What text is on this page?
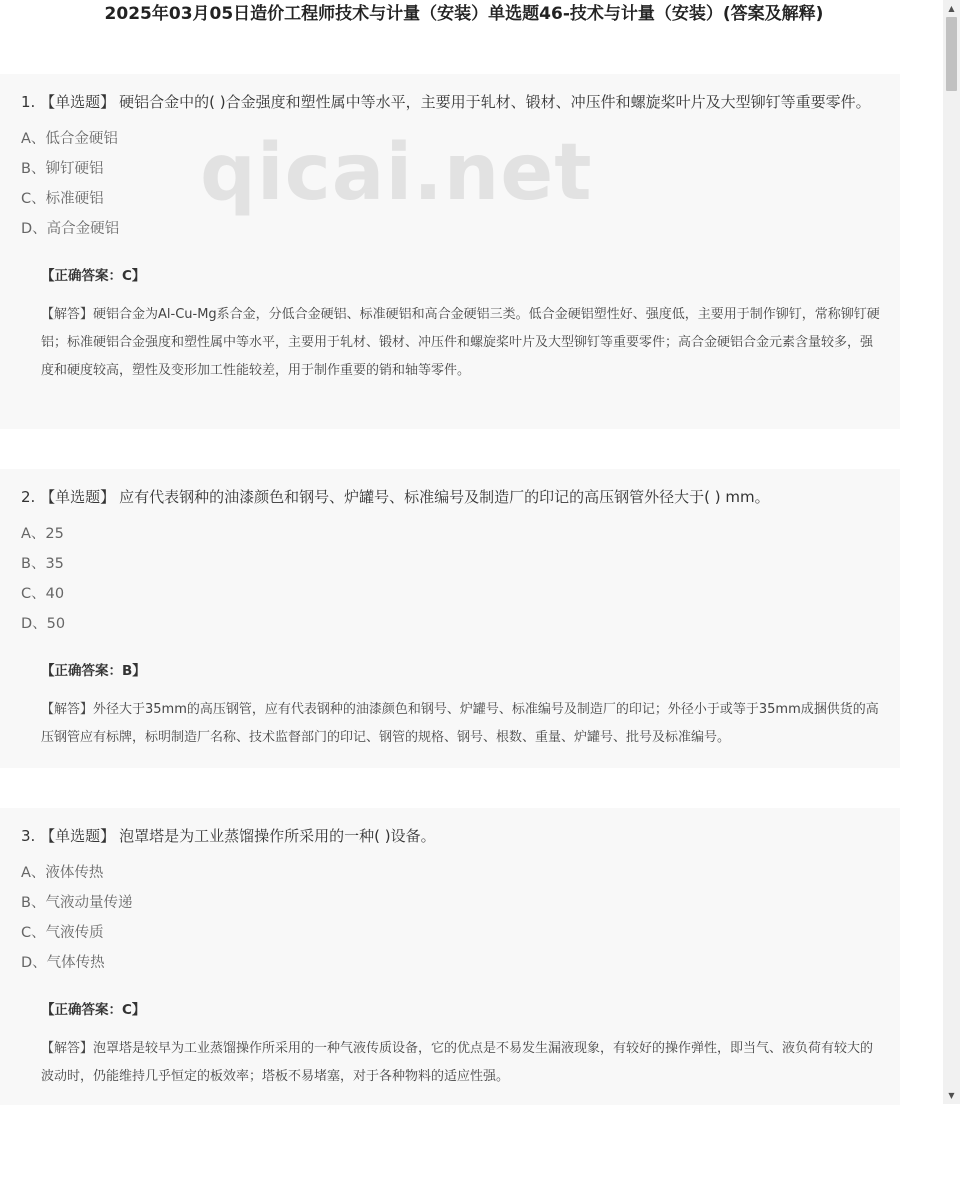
2025年03月05日造价工程师技术与计量（安装）单选题46-技术与计量（安装）(答案及解释)

1. 【单选题】 硬铝合金中的( )合金强度和塑性属中等水平，主要用于轧材、锻材、冲压件和螺旋桨叶片及大型铆钉等重要零件。

A、低合金硬铝
B、铆钉硬铝
C、标准硬铝
D、高合金硬铝
【正确答案：C】
【解答】硬铝合金为Al-Cu-Mg系合金，分低合金硬铝、标准硬铝和高合金硬铝三类。低合金硬铝塑性好、强度低，主要用于制作铆钉，常称铆钉硬铝；标准硬铝合金强度和塑性属中等水平，主要用于轧材、锻材、冲压件和螺旋桨叶片及大型铆钉等重要零件；高合金硬铝合金元素含量较多，强度和硬度较高，塑性及变形加工性能较差，用于制作重要的销和轴等零件。
qicai.net

2. 【单选题】 应有代表钢种的油漆颜色和钢号、炉罐号、标准编号及制造厂的印记的高压钢管外径大于( ) mm。

A、25
B、35
C、40
D、50
【正确答案：B】
【解答】外径大于35mm的高压钢管，应有代表钢种的油漆颜色和钢号、炉罐号、标准编号及制造厂的印记；外径小于或等于35mm成捆供货的高压钢管应有标牌，标明制造厂名称、技术监督部门的印记、钢管的规格、钢号、根数、重量、炉罐号、批号及标准编号。

3. 【单选题】 泡罩塔是为工业蒸馏操作所采用的一种( )设备。

A、液体传热
B、气液动量传递
C、气液传质
D、气体传热
【正确答案：C】
【解答】泡罩塔是较早为工业蒸馏操作所采用的一种气液传质设备，它的优点是不易发生漏液现象，有较好的操作弹性，即当气、液负荷有较大的波动时，仍能维持几乎恒定的板效率；塔板不易堵塞，对于各种物料的适应性强。
▲
▼
